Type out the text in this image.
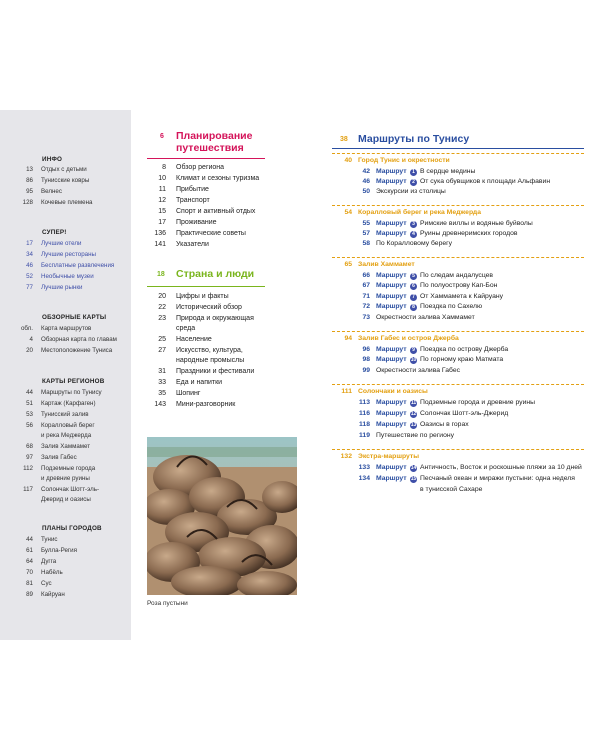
ИНФО
13 Отдых с детьми
86 Тунисские ковры
95 Велнес
128 Кочевые племена
СУПЕР!
17 Лучшие отели
34 Лучшие рестораны
46 Бесплатные развлечения
52 Необычные музеи
77 Лучшие рынки
ОБЗОРНЫЕ КАРТЫ
обл. Карта маршрутов
4 Обзорная карта по главам
20 Местоположение Туниса
КАРТЫ РЕГИОНОВ
44 Маршруты по Тунису
51 Картаж (Карфаген)
53 Тунисский залив
56 Коралловый берег
и река Меджерда
68 Залив Хаммамет
97 Залив Габес
112 Подземные города
и древние руины
117 Солончак Шотт-эль-
Джерид и оазисы
ПЛАНЫ ГОРОДОВ
44 Тунис
61 Булла-Регия
64 Дугга
70 Набёль
81 Сус
89 Кайруан
6 Планирование
путешествия
8 Обзор региона
10 Климат и сезоны туризма
11 Прибытие
12 Транспорт
15 Спорт и активный отдых
17 Проживание
136 Практические советы
141 Указатели
18 Страна и люди
20 Цифры и факты
22 Исторический обзор
23 Природа и окружающая
среда
25 Население
27 Искусство, культура,
народные промыслы
31 Праздники и фестивали
33 Еда и напитки
35 Шопинг
143 Мини-разговорник
Роза пустыни
38 Маршруты по Тунису
40 Город Тунис и окрестности
42 Маршрут	1 В сердце медины
46 Маршрут	2 От сука обувщиков к площади Альфавин
50 Экскурсии из столицы
54 Коралловый берег и река Меджерда
55 Маршрут	3 Римские виллы и водяные буйволы
57 Маршрут	4 Руины древнеримских городов
58 По Коралловому берегу
65 Залив Хаммамет
66 Маршрут	5 По следам андалусцев
67 Маршрут	6 По полуострову Кап-Бон
71 Маршрут	7 От Хаммамета к Кайруану
72 Маршрут	8 Поездка по Сахелю
73 Окрестности залива Хаммамет
94 Залив Габес и остров Джерба
96 Маршрут	9 Поездка по острову Джерба
98 Маршрут 10 По горному краю Матмата
99 Окрестности залива Габес
111 Солончаки и оазисы
113 Маршрут 11 Подземные города и древние руины
116 Маршрут 12 Солончак Шотт-эль-Джерид
118 Маршрут 13 Оазисы в горах
119 Путешествие по региону
132 Экстра-маршруты
133 Маршрут 14 Античность, Восток и роскошные пляжи за 10 дней
134 Маршрут 15 Песчаный океан и миражи пустыни: одна неделя
в тунисской Сахаре
